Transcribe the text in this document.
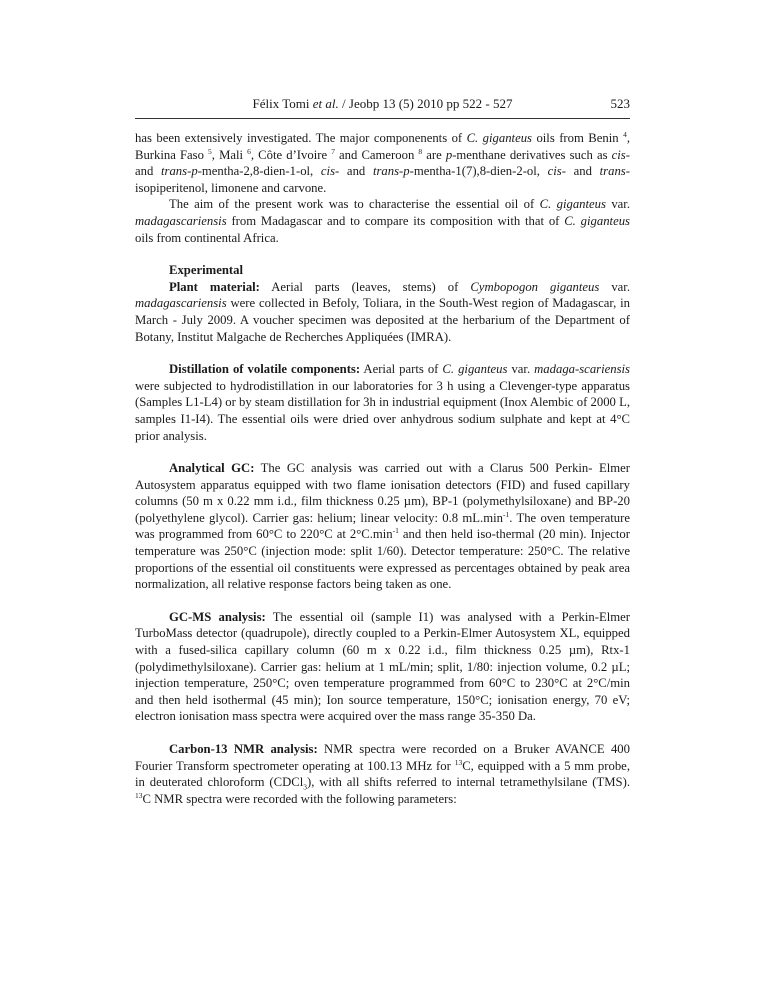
Félix Tomi et al. / Jeobp 13 (5) 2010 pp 522 - 527	523

has been extensively investigated. The major componenents of C. giganteus oils from Benin $^4$, Burkina Faso $^5$, Mali $^6$, Côte d’Ivoire $^7$ and Cameroon $^8$ are p-menthane derivatives such as cis- and trans-p-mentha-2,8-dien-1-ol, cis- and trans-p-mentha-1(7),8-dien-2-ol, cis- and trans-isopiperitenol, limonene and carvone.

The aim of the present work was to characterise the essential oil of C. giganteus var. madagascariensis from Madagascar and to compare its composition with that of C. giganteus oils from continental Africa.

Experimental

Plant material: Aerial parts (leaves, stems) of Cymbopogon giganteus var. madagascariensis were collected in Befoly, Toliara, in the South-West region of Madagascar, in March - July 2009. A voucher specimen was deposited at the herbarium of the Department of Botany, Institut Malgache de Recherches Appliquées (IMRA).

Distillation of volatile components: Aerial parts of C. giganteus var. madaga-scariensis were subjected to hydrodistillation in our laboratories for 3 h using a Clevenger-type apparatus (Samples L1-L4) or by steam distillation for 3h in industrial equipment (Inox Alembic of 2000 L, samples I1-I4). The essential oils were dried over anhydrous sodium sulphate and kept at 4°C prior analysis.

Analytical GC: The GC analysis was carried out with a Clarus 500 Perkin- Elmer Autosystem apparatus equipped with two flame ionisation detectors (FID) and fused capillary columns (50 m x 0.22 mm i.d., film thickness 0.25 µm), BP-1 (polymethylsiloxane) and BP-20 (polyethylene glycol). Carrier gas: helium; linear velocity: 0.8 $mL.\min^{-1}$. The oven temperature was programmed from 60°C to 220°C at $2^\circ C.\min^{-1}$ and then held iso-thermal (20 min). Injector temperature was 250°C (injection mode: split 1/60). Detector temperature: 250°C. The relative proportions of the essential oil constituents were expressed as percentages obtained by peak area normalization, all relative response factors being taken as one.

GC-MS analysis: The essential oil (sample I1) was analysed with a Perkin-Elmer TurboMass detector (quadrupole), directly coupled to a Perkin-Elmer Autosystem XL, equipped with a fused-silica capillary column (60 m x 0.22 i.d., film thickness 0.25 µm), Rtx-1 (polydimethylsiloxane). Carrier gas: helium at 1 mL/min; split, 1/80: injection volume, 0.2 µL; injection temperature, 250°C; oven temperature programmed from 60°C to 230°C at 2°C/min and then held isothermal (45 min); Ion source temperature, 150°C; ionisation energy, 70 eV; electron ionisation mass spectra were acquired over the mass range 35-350 Da.

Carbon-13 NMR analysis: NMR spectra were recorded on a Bruker AVANCE 400 Fourier Transform spectrometer operating at 100.13 MHz for $^{13}$C, equipped with a 5 mm probe, in deuterated chloroform (CDCl$_3$), with all shifts referred to internal tetramethylsilane (TMS). $^{13}$C NMR spectra were recorded with the following parameters:
